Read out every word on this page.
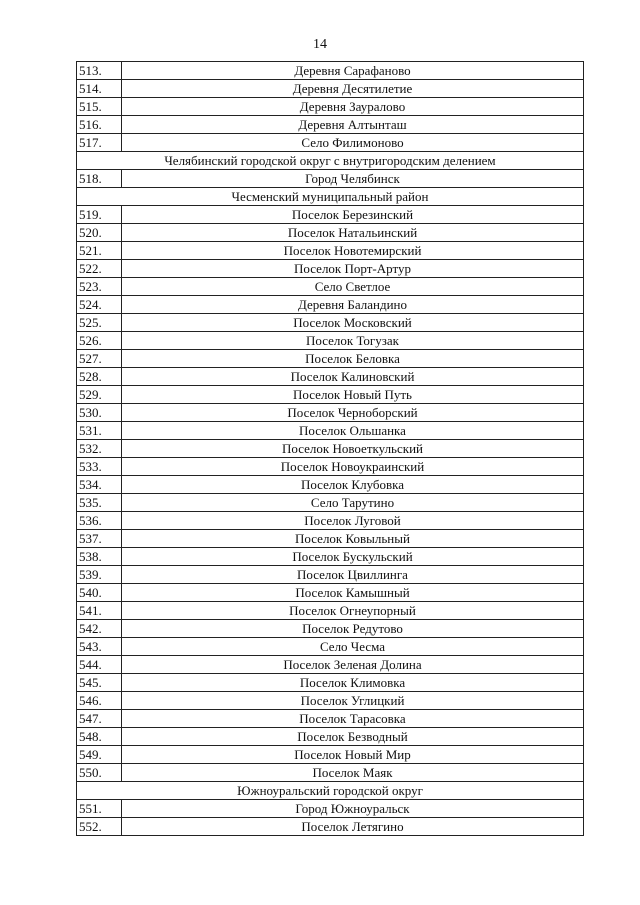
14
513.	Деревня Сарафаново
514.	Деревня Десятилетие
515.	Деревня Зауралово
516.	Деревня Алтынташ
517.	Село Филимоново
Челябинский городской округ с внутригородским делением	
518.	Город Челябинск
Чесменский муниципальный район	
519.	Поселок Березинский
520.	Поселок Натальинский
521.	Поселок Новотемирский
522.	Поселок Порт-Артур
523.	Село Светлое
524.	Деревня Баландино
525.	Поселок Московский
526.	Поселок Тогузак
527.	Поселок Беловка
528.	Поселок Калиновский
529.	Поселок Новый Путь
530.	Поселок Черноборский
531.	Поселок Ольшанка
532.	Поселок Новоеткульский
533.	Поселок Новоукраинский
534.	Поселок Клубовка
535.	Село Тарутино
536.	Поселок Луговой
537.	Поселок Ковыльный
538.	Поселок Бускульский
539.	Поселок Цвиллинга
540.	Поселок Камышный
541.	Поселок Огнеупорный
542.	Поселок Редутово
543.	Село Чесма
544.	Поселок Зеленая Долина
545.	Поселок Климовка
546.	Поселок Углицкий
547.	Поселок Тарасовка
548.	Поселок Безводный
549.	Поселок Новый Мир
550.	Поселок Маяк
Южноуральский городской округ	
551.	Город Южноуральск
552.	Поселок Летягино
